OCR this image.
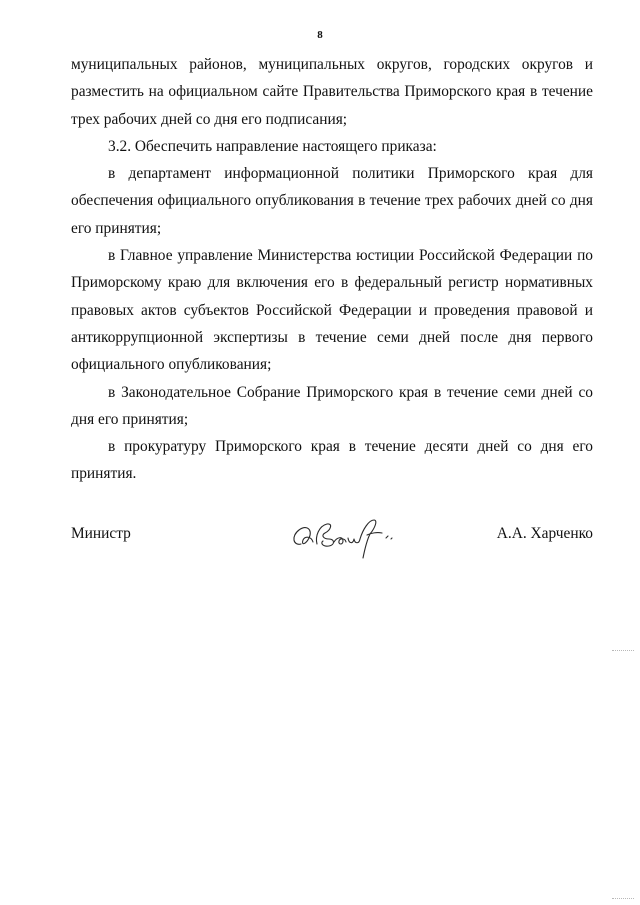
8

муниципальных районов, муниципальных округов, городских округов и разместить на официальном сайте Правительства Приморского края в течение трех рабочих дней со дня его подписания;

3.2. Обеспечить направление настоящего приказа:

в департамент информационной политики Приморского края для обеспечения официального опубликования в течение трех рабочих дней со дня его принятия;

в Главное управление Министерства юстиции Российской Федерации по Приморскому краю для включения его в федеральный регистр нормативных правовых актов субъектов Российской Федерации и проведения правовой и антикоррупционной экспертизы в течение семи дней после дня первого официального опубликования;

в Законодательное Собрание Приморского края в течение семи дней со дня его принятия;

в прокуратуру Приморского края в течение десяти дней со дня его принятия.

Министр	А.А. Харченко
